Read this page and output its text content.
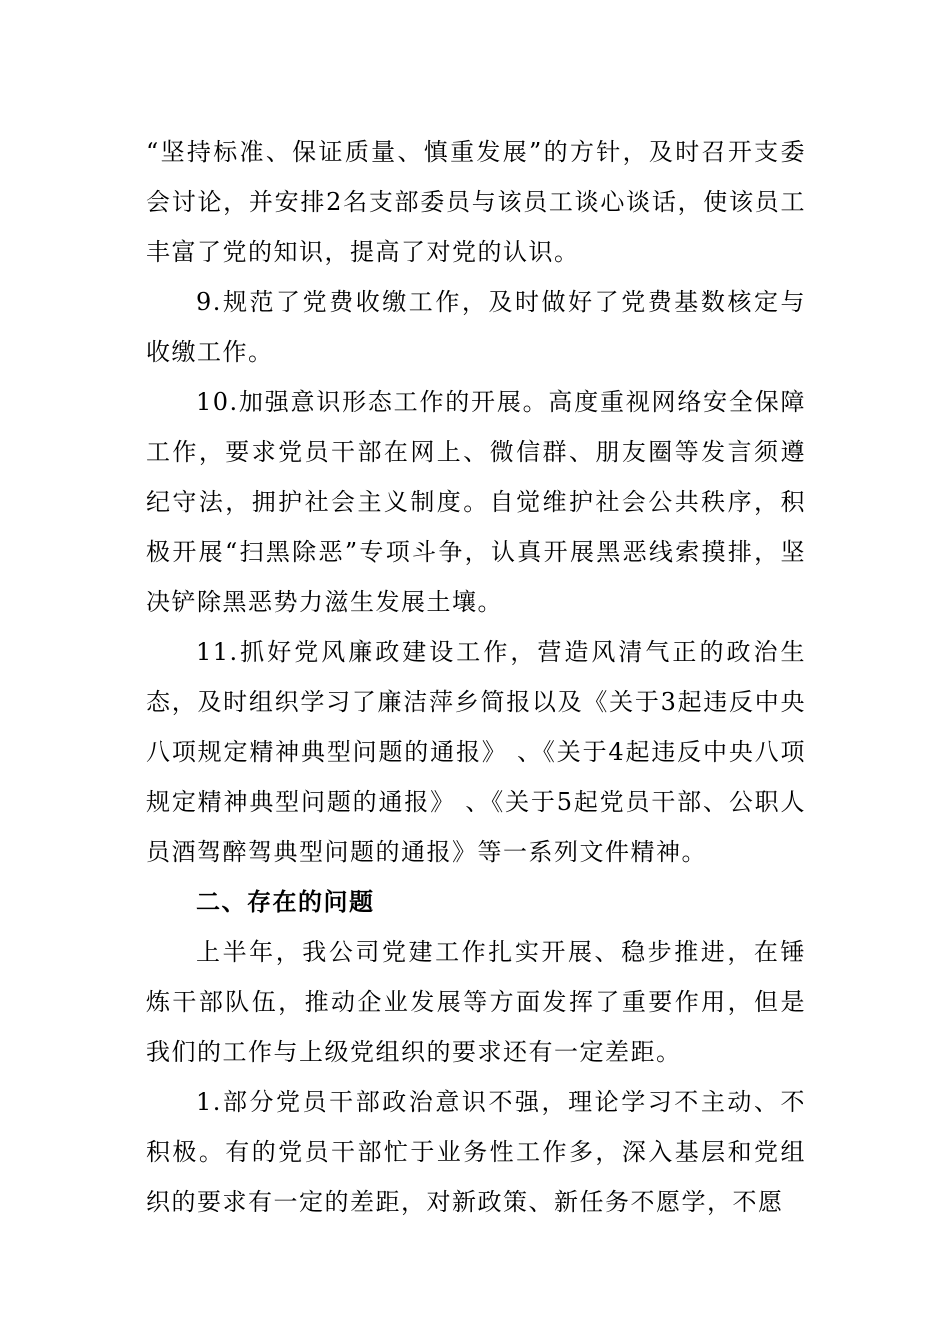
“坚持标准、保证质量、慎重发展”的方针，及时召开支委会讨论，并安排2名支部委员与该员工谈心谈话，使该员工丰富了党的知识，提高了对党的认识。

9.规范了党费收缴工作，及时做好了党费基数核定与收缴工作。

10.加强意识形态工作的开展。高度重视网络安全保障工作，要求党员干部在网上、微信群、朋友圈等发言须遵纪守法，拥护社会主义制度。自觉维护社会公共秩序，积极开展“扫黑除恶”专项斗争，认真开展黑恶线索摸排，坚决铲除黑恶势力滋生发展土壤。

11.抓好党风廉政建设工作，营造风清气正的政治生态，及时组织学习了廉洁萍乡简报以及《关于3起违反中央八项规定精神典型问题的通报》 、《关于4起违反中央八项规定精神典型问题的通报》 、《关于5起党员干部、公职人员酒驾醉驾典型问题的通报》等一系列文件精神。

二、存在的问题

上半年，我公司党建工作扎实开展、稳步推进，在锤炼干部队伍，推动企业发展等方面发挥了重要作用，但是我们的工作与上级党组织的要求还有一定差距。

1.部分党员干部政治意识不强，理论学习不主动、不积极。有的党员干部忙于业务性工作多，深入基层和党组织的要求有一定的差距，对新政策、新任务不愿学，不愿
